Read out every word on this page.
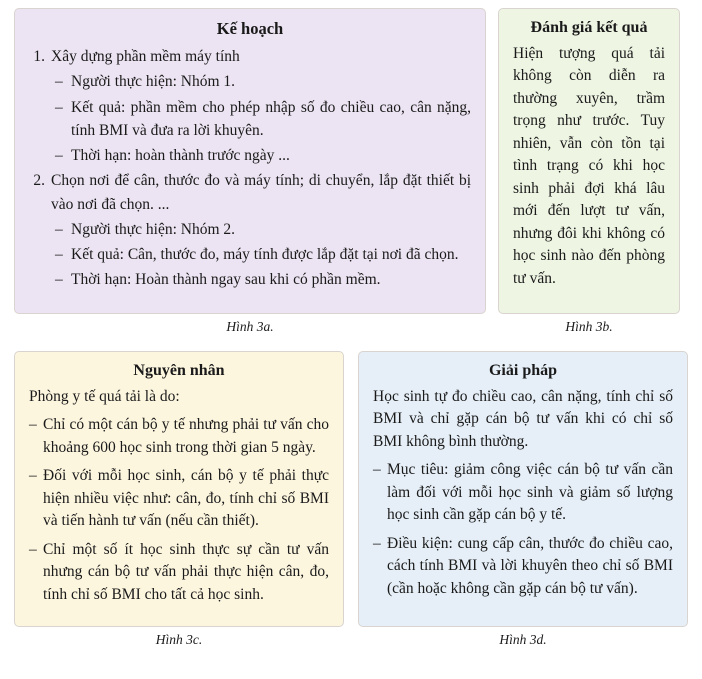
Kế hoạch
1. Xây dựng phần mềm máy tính
– Người thực hiện: Nhóm 1.
– Kết quả: phần mềm cho phép nhập số đo chiều cao, cân nặng, tính BMI và đưa ra lời khuyên.
– Thời hạn: hoàn thành trước ngày ...
2. Chọn nơi để cân, thước đo và máy tính; di chuyển, lắp đặt thiết bị vào nơi đã chọn. ...
– Người thực hiện: Nhóm 2.
– Kết quả: Cân, thước đo, máy tính được lắp đặt tại nơi đã chọn.
– Thời hạn: Hoàn thành ngay sau khi có phần mềm.
Hình 3a.
Đánh giá kết quả

Hiện tượng quá tải không còn diễn ra thường xuyên, trầm trọng như trước. Tuy nhiên, vẫn còn tồn tại tình trạng có khi học sinh phải đợi khá lâu mới đến lượt tư vấn, nhưng đôi khi không có học sinh nào đến phòng tư vấn.

Hình 3b.
Nguyên nhân

Phòng y tế quá tải là do:

– Chỉ có một cán bộ y tế nhưng phải tư vấn cho khoảng 600 học sinh trong thời gian 5 ngày.
– Đối với mỗi học sinh, cán bộ y tế phải thực hiện nhiều việc như: cân, đo, tính chỉ số BMI và tiến hành tư vấn (nếu cần thiết).
– Chỉ một số ít học sinh thực sự cần tư vấn nhưng cán bộ tư vấn phải thực hiện cân, đo, tính chỉ số BMI cho tất cả học sinh.
Hình 3c.
Giải pháp

Học sinh tự đo chiều cao, cân nặng, tính chỉ số BMI và chỉ gặp cán bộ tư vấn khi có chỉ số BMI không bình thường.

– Mục tiêu: giảm công việc cán bộ tư vấn cần làm đối với mỗi học sinh và giảm số lượng học sinh cần gặp cán bộ y tế.
– Điều kiện: cung cấp cân, thước đo chiều cao, cách tính BMI và lời khuyên theo chỉ số BMI (cần hoặc không cần gặp cán bộ tư vấn).
Hình 3d.
